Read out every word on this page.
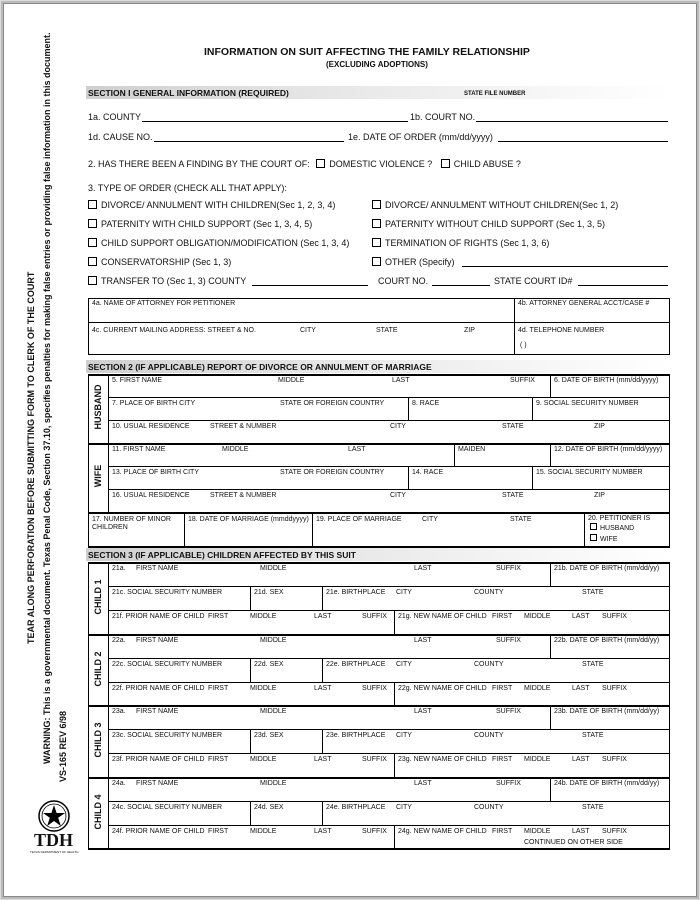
TEAR ALONG PERFORATION BEFORE SUBMITTING FORM TO CLERK OF THE COURT
WARNING: This is a governmental document. Texas Penal Code, Section 37.10, specifies penalties for making false entries or providing false information in this document.
VS-165 REV 6/98
TDH
TEXAS DEPARTMENT OF HEALTH
INFORMATION ON SUIT AFFECTING THE FAMILY RELATIONSHIP
(EXCLUDING ADOPTIONS)
SECTION I GENERAL INFORMATION (REQUIRED)	STATE FILE NUMBER
1a. COUNTY	1b. COURT NO.
1d. CAUSE NO.	1e. DATE OF ORDER (mm/dd/yyyy)
2. HAS THERE BEEN A FINDING BY THE COURT OF: DOMESTIC VIOLENCE ? CHILD ABUSE ?
3. TYPE OF ORDER (CHECK ALL THAT APPLY):
DIVORCE/ ANNULMENT WITH CHILDREN(Sec 1, 2, 3, 4)	DIVORCE/ ANNULMENT WITHOUT CHILDREN(Sec 1, 2)
PATERNITY WITH CHILD SUPPORT (Sec 1, 3, 4, 5)	PATERNITY WITHOUT CHILD SUPPORT (Sec 1, 3, 5)
CHILD SUPPORT OBLIGATION/MODIFICATION (Sec 1, 3, 4)	TERMINATION OF RIGHTS (Sec 1, 3, 6)
CONSERVATORSHIP (Sec 1, 3)	OTHER (Specify)
TRANSFER TO (Sec 1, 3) COUNTY	COURT NO.	STATE COURT ID#
4a. NAME OF ATTORNEY FOR PETITIONER	4b. ATTORNEY GENERAL ACCT/CASE #
4c. CURRENT MAILING ADDRESS: STREET & NO.	CITY	STATE	ZIP	4d. TELEPHONE NUMBER
( )
SECTION 2 (IF APPLICABLE) REPORT OF DIVORCE OR ANNULMENT OF MARRIAGE
HUSBAND
WIFE
5. FIRST NAME	MIDDLE	LAST	SUFFIX	6. DATE OF BIRTH (mm/dd/yyyy)
7. PLACE OF BIRTH CITY	STATE OR FOREIGN COUNTRY	8. RACE	9. SOCIAL SECURITY NUMBER
10. USUAL RESIDENCE	STREET & NUMBER	CITY	STATE	ZIP
11. FIRST NAME	MIDDLE	LAST	MAIDEN	12. DATE OF BIRTH (mm/dd/yyyy)
13. PLACE OF BIRTH CITY	STATE OR FOREIGN COUNTRY	14. RACE	15. SOCIAL SECURITY NUMBER
16. USUAL RESIDENCE	STREET & NUMBER	CITY	STATE	ZIP
17. NUMBER OF MINOR CHILDREN
18. DATE OF MARRIAGE (mmddyyyy) 19. PLACE OF MARRIAGE	CITY	STATE	20. PETITIONER IS
HUSBAND
WIFE
SECTION 3 (IF APPLICABLE) CHILDREN AFFECTED BY THIS SUIT
CONTINUED ON OTHER SIDE
CHILD 1
21a. FIRST NAME	MIDDLE	LAST	SUFFIX	21b. DATE OF BIRTH (mm/dd/yy)
21c. SOCIAL SECURITY NUMBER	21d. SEX	21e. BIRTHPLACE CITY	COUNTY	STATE
21f. PRIOR NAME OF CHILD FIRST	MIDDLE	LAST	SUFFIX 21g. NEW NAME OF CHILD FIRST MIDDLE	LAST SUFFIX
CHILD 2
22a. FIRST NAME	MIDDLE	LAST	SUFFIX	22b. DATE OF BIRTH (mm/dd/yy)
22c. SOCIAL SECURITY NUMBER	22d. SEX	22e. BIRTHPLACE CITY	COUNTY	STATE
22f. PRIOR NAME OF CHILD FIRST	MIDDLE	LAST	SUFFIX 22g. NEW NAME OF CHILD FIRST MIDDLE	LAST SUFFIX
CHILD 3
23a. FIRST NAME	MIDDLE	LAST	SUFFIX	23b. DATE OF BIRTH (mm/dd/yy)
23c. SOCIAL SECURITY NUMBER	23d. SEX	23e. BIRTHPLACE CITY	COUNTY	STATE
23f. PRIOR NAME OF CHILD FIRST	MIDDLE	LAST	SUFFIX 23g. NEW NAME OF CHILD FIRST MIDDLE	LAST SUFFIX
CHILD 4
24a. FIRST NAME	MIDDLE	LAST	SUFFIX	24b. DATE OF BIRTH (mm/dd/yy)
24c. SOCIAL SECURITY NUMBER	24d. SEX	24e. BIRTHPLACE CITY	COUNTY	STATE
24f. PRIOR NAME OF CHILD FIRST	MIDDLE	LAST	SUFFIX 24g. NEW NAME OF CHILD FIRST MIDDLE	LAST SUFFIX
